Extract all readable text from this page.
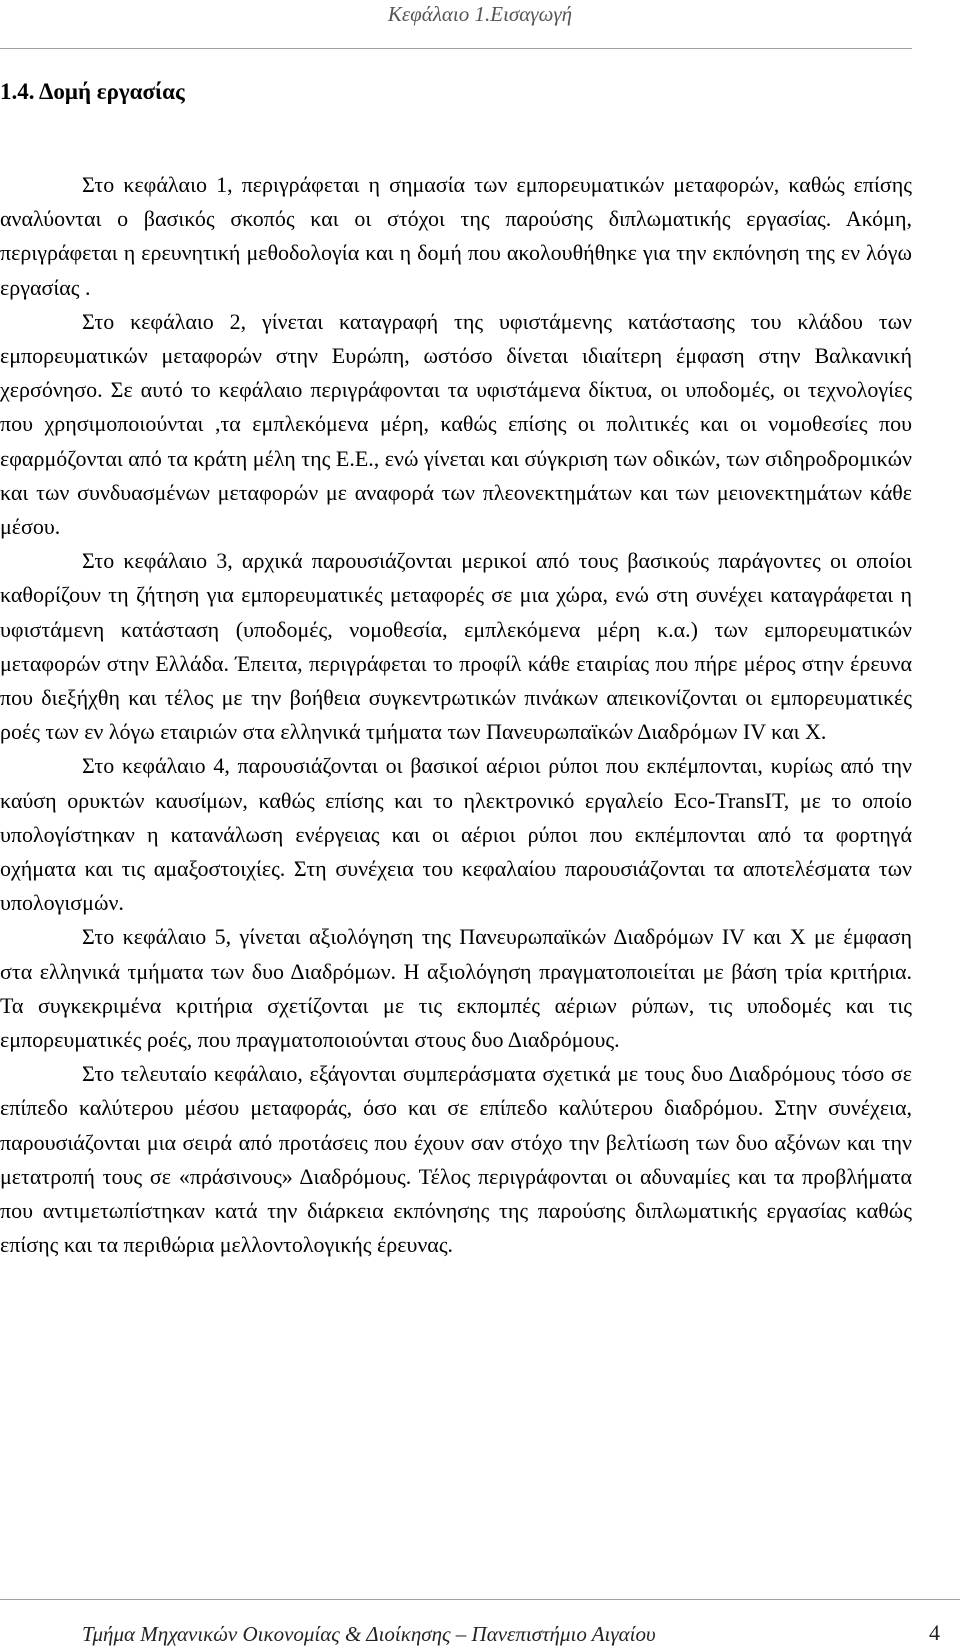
Κεφάλαιο 1.Εισαγωγή
1.4. Δομή εργασίας

Στο κεφάλαιο 1, περιγράφεται η σημασία των εμπορευματικών μεταφορών, καθώς επίσης αναλύονται ο βασικός σκοπός και οι στόχοι της παρούσης διπλωματικής εργασίας. Ακόμη, περιγράφεται η ερευνητική μεθοδολογία και η δομή που ακολουθήθηκε για την εκπόνηση της εν λόγω εργασίας .

Στο κεφάλαιο 2, γίνεται καταγραφή της υφιστάμενης κατάστασης του κλάδου των εμπορευματικών μεταφορών στην Ευρώπη, ωστόσο δίνεται ιδιαίτερη έμφαση στην Βαλκανική χερσόνησο. Σε αυτό το κεφάλαιο περιγράφονται τα υφιστάμενα δίκτυα, οι υποδομές, οι τεχνολογίες που χρησιμοποιούνται ,τα εμπλεκόμενα μέρη, καθώς επίσης οι πολιτικές και οι νομοθεσίες που εφαρμόζονται από τα κράτη μέλη της Ε.Ε., ενώ γίνεται και σύγκριση των οδικών, των σιδηροδρομικών και των συνδυασμένων μεταφορών με αναφορά των πλεονεκτημάτων και των μειονεκτημάτων κάθε μέσου.

Στο κεφάλαιο 3, αρχικά παρουσιάζονται μερικοί από τους βασικούς παράγοντες οι οποίοι καθορίζουν τη ζήτηση για εμπορευματικές μεταφορές σε μια χώρα, ενώ στη συνέχει καταγράφεται η υφιστάμενη κατάσταση (υποδομές, νομοθεσία, εμπλεκόμενα μέρη κ.α.) των εμπορευματικών μεταφορών στην Ελλάδα. Έπειτα, περιγράφεται το προφίλ κάθε εταιρίας που πήρε μέρος στην έρευνα που διεξήχθη και τέλος με την βοήθεια συγκεντρωτικών πινάκων απεικονίζονται οι εμπορευματικές ροές των εν λόγω εταιριών στα ελληνικά τμήματα των Πανευρωπαϊκών Διαδρόμων IV και X.

Στο κεφάλαιο 4, παρουσιάζονται οι βασικοί αέριοι ρύποι που εκπέμπονται, κυρίως από την καύση ορυκτών καυσίμων, καθώς επίσης και το ηλεκτρονικό εργαλείο Eco-TransIT, με το οποίο υπολογίστηκαν η κατανάλωση ενέργειας και οι αέριοι ρύποι που εκπέμπονται από τα φορτηγά οχήματα και τις αμαξοστοιχίες. Στη συνέχεια του κεφαλαίου παρουσιάζονται τα αποτελέσματα των υπολογισμών.

Στο κεφάλαιο 5, γίνεται αξιολόγηση της Πανευρωπαϊκών Διαδρόμων IV και X με έμφαση στα ελληνικά τμήματα των δυο Διαδρόμων. Η αξιολόγηση πραγματοποιείται με βάση τρία κριτήρια. Τα συγκεκριμένα κριτήρια σχετίζονται με τις εκπομπές αέριων ρύπων, τις υποδομές και τις εμπορευματικές ροές, που πραγματοποιούνται στους δυο Διαδρόμους.

Στο τελευταίο κεφάλαιο, εξάγονται συμπεράσματα σχετικά με τους δυο Διαδρόμους τόσο σε επίπεδο καλύτερου μέσου μεταφοράς, όσο και σε επίπεδο καλύτερου διαδρόμου. Στην συνέχεια, παρουσιάζονται μια σειρά από προτάσεις που έχουν σαν στόχο την βελτίωση των δυο αξόνων και την μετατροπή τους σε «πράσινους» Διαδρόμους. Τέλος περιγράφονται οι αδυναμίες και τα προβλήματα που αντιμετωπίστηκαν κατά την διάρκεια εκπόνησης της παρούσης διπλωματικής εργασίας καθώς επίσης και τα περιθώρια μελλοντολογικής έρευνας.

Τμήμα Μηχανικών Οικονομίας & Διοίκησης – Πανεπιστήμιο Αιγαίου	4
